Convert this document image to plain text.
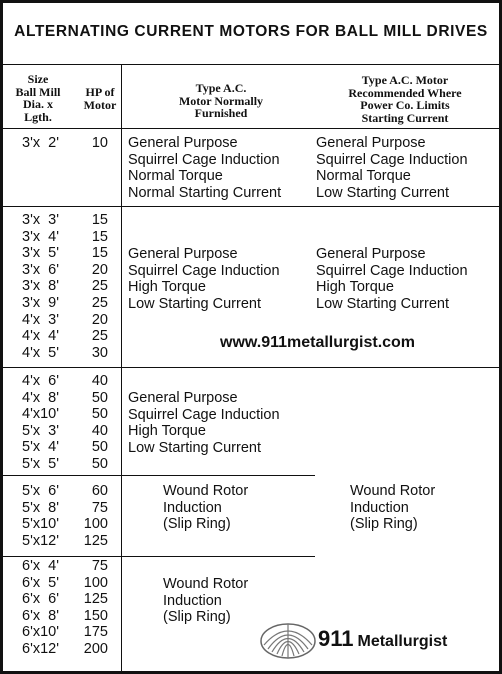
ALTERNATING CURRENT MOTORS FOR BALL MILL DRIVES
Size
Ball Mill
Dia. x
Lgth.
HP of
Motor
Type A.C.
Motor Normally
Furnished
Type A.C. Motor
Recommended Where
Power Co. Limits
Starting Current
3'x  2'	10 General Purpose
Squirrel Cage Induction
Normal Torque
Normal Starting Current
General Purpose
Squirrel Cage Induction
Normal Torque
Low Starting Current
3'x  3'
3'x  4'
3'x  5'
3'x  6'
3'x  8'
3'x  9'
4'x  3'
4'x  4'
4'x  5'
15
15
15
20
25
25
20
25
30
General Purpose
Squirrel Cage Induction
High Torque
Low Starting Current
General Purpose
Squirrel Cage Induction
High Torque
Low Starting Current
4'x  6'
4'x  8'
4'x10'
5'x  3'
5'x  4'
5'x  5'
40
50
50
40
50
50
General Purpose
Squirrel Cage Induction
High Torque
Low Starting Current
5'x  6'
5'x  8'
5'x10'
5'x12'
60
75
100
125
Wound Rotor
Induction
(Slip Ring)
6'x  4'
6'x  5'
6'x  6'
6'x  8'
6'x10'
6'x12'
75
100
125
150
175
200
Wound Rotor
Induction
(Slip Ring)
Wound Rotor
Induction
(Slip Ring)
www.911metallurgist.com
911 Metallurgist
